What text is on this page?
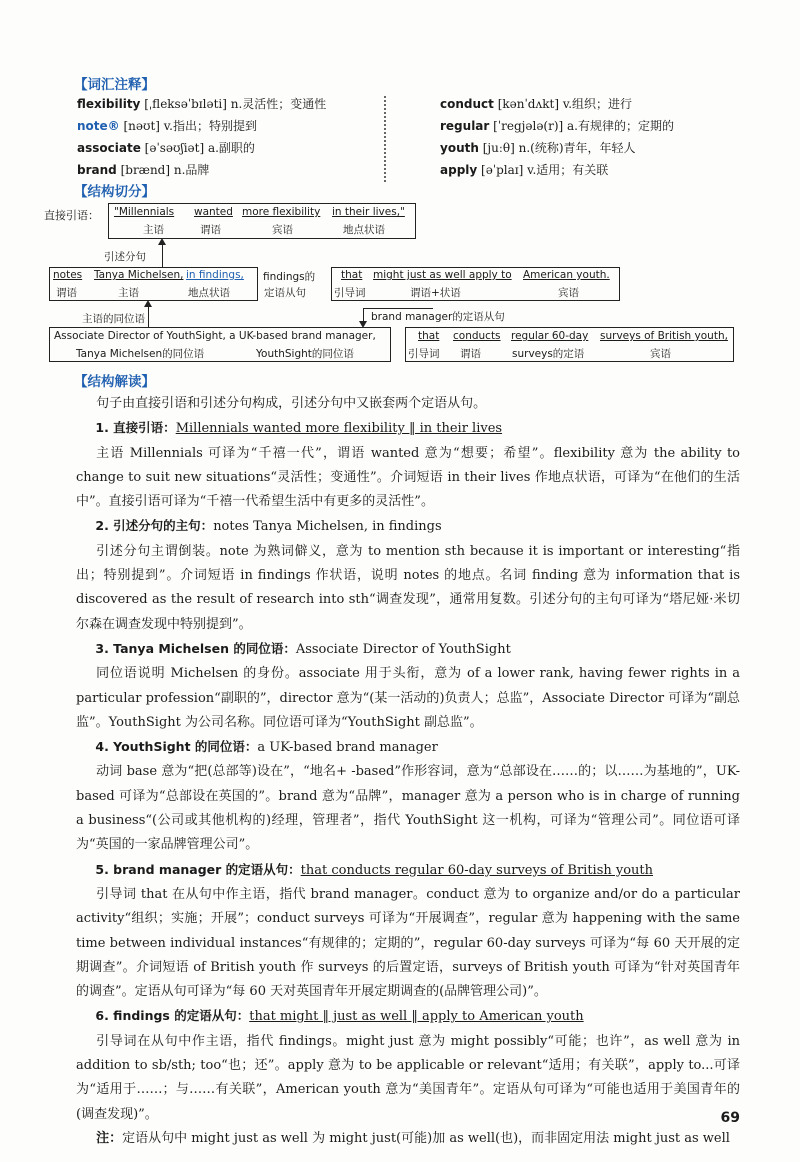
【词汇注释】
flexibility [ˌfleksəˈbɪləti] n.灵活性；变通性
note® [nəʊt] v.指出；特别提到
associate [əˈsəʊʃiət] a.副职的
brand [brænd] n.品牌
conduct [kənˈdʌkt] v.组织；进行
regular [ˈregjələ(r)] a.有规律的；定期的
youth [juːθ] n.(统称)青年，年轻人
apply [əˈplaɪ] v.适用；有关联
【结构切分】
直接引语： "Millennials wanted more flexibility in their lives,"
主语	谓语	宾语	地点状语
引述分句
notes Tanya Michelsen, in findings,
谓语	主语	地点状语
findings的
定语从句
that might just as well apply to American youth.
引导词	谓语+状语	宾语
brand manager的定语从句
主语的同位语
Associate Director of YouthSight, a UK-based brand manager,
Tanya Michelsen的同位语	YouthSight的同位语
that conducts regular 60-day surveys of British youth,
引导词 谓语	surveys的定语	宾语
【结构解读】

句子由直接引语和引述分句构成，引述分句中又嵌套两个定语从句。

1. 直接引语：Millennials wanted more flexibility ‖ in their lives

主语 Millennials 可译为“千禧一代”，谓语 wanted 意为“想要；希望”。flexibility 意为 the ability to change to suit new situations“灵活性；变通性”。介词短语 in their lives 作地点状语，可译为“在他们的生活中”。直接引语可译为“千禧一代希望生活中有更多的灵活性”。

2. 引述分句的主句：notes Tanya Michelsen, in findings

引述分句主谓倒装。note 为熟词僻义，意为 to mention sth because it is important or interesting“指出；特别提到”。介词短语 in findings 作状语，说明 notes 的地点。名词 finding 意为 information that is discovered as the result of research into sth“调查发现”，通常用复数。引述分句的主句可译为“塔尼娅·米切尔森在调查发现中特别提到”。

3. Tanya Michelsen 的同位语：Associate Director of YouthSight

同位语说明 Michelsen 的身份。associate 用于头衔，意为 of a lower rank, having fewer rights in a particular profession“副职的”，director 意为“(某一活动的)负责人；总监”，Associate Director 可译为“副总监”。YouthSight 为公司名称。同位语可译为“YouthSight 副总监”。

4. YouthSight 的同位语：a UK-based brand manager

动词 base 意为“把(总部等)设在”，“地名+ -based”作形容词，意为“总部设在……的；以……为基地的”，UK-based 可译为“总部设在英国的”。brand 意为“品牌”，manager 意为 a person who is in charge of running a business“(公司或其他机构的)经理，管理者”，指代 YouthSight 这一机构，可译为“管理公司”。同位语可译为“英国的一家品牌管理公司”。

5. brand manager 的定语从句：that conducts regular 60-day surveys of British youth

引导词 that 在从句中作主语，指代 brand manager。conduct 意为 to organize and/or do a particular activity“组织；实施；开展”；conduct surveys 可译为“开展调查”，regular 意为 happening with the same time between individual instances“有规律的；定期的”，regular 60-day surveys 可译为“每 60 天开展的定期调查”。介词短语 of British youth 作 surveys 的后置定语，surveys of British youth 可译为“针对英国青年的调查”。定语从句可译为“每 60 天对英国青年开展定期调查的(品牌管理公司)”。

6. findings 的定语从句：that might ‖ just as well ‖ apply to American youth

引导词在从句中作主语，指代 findings。might just 意为 might possibly“可能；也许”，as well 意为 in addition to sb/sth; too“也；还”。apply 意为 to be applicable or relevant“适用；有关联”，apply to...可译为“适用于……；与……有关联”，American youth 意为“美国青年”。定语从句可译为“可能也适用于美国青年的(调查发现)”。

注：定语从句中 might just as well 为 might just(可能)加 as well(也)，而非固定用法 might just as well

69
